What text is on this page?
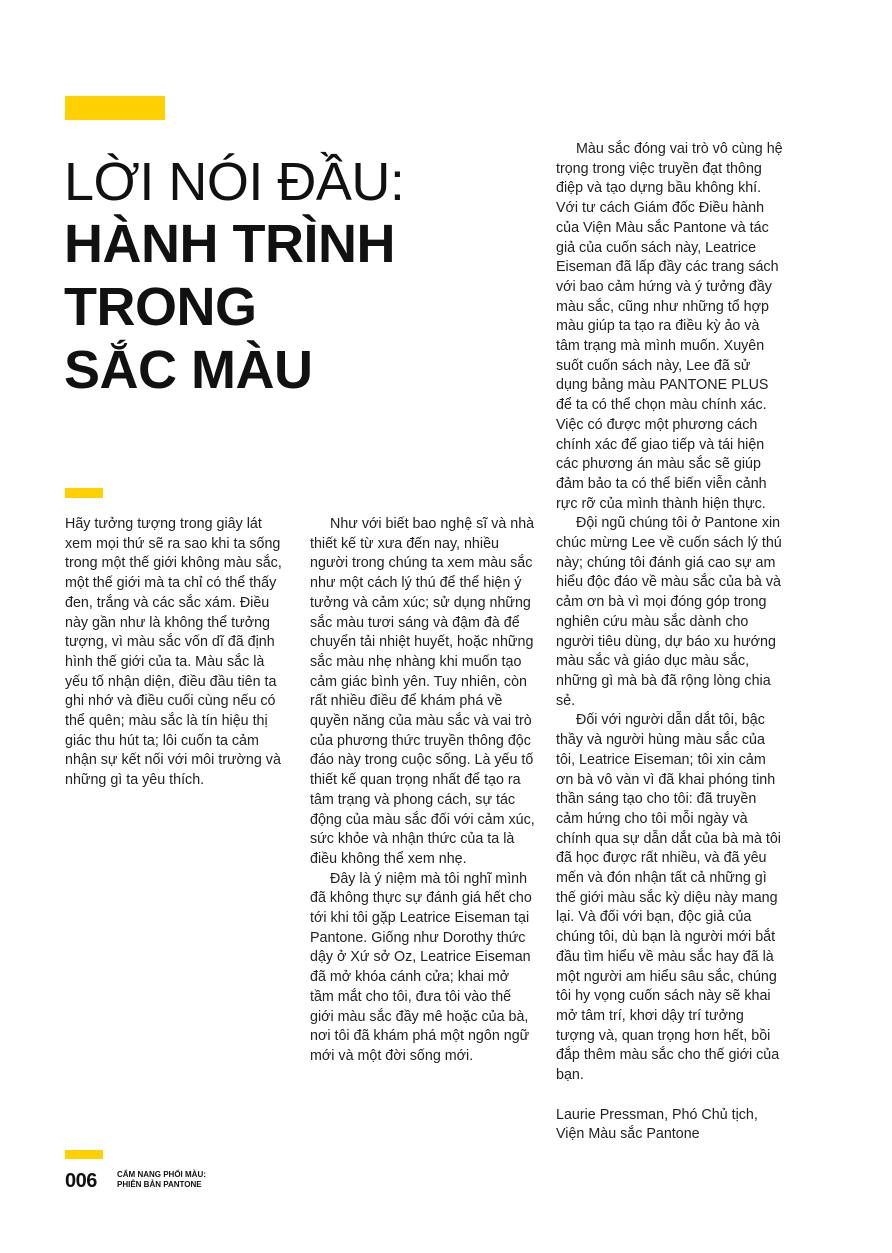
LỜI NÓI ĐẦU:
HÀNH TRÌNH
TRONG
SẮC MÀU

Hãy tưởng tượng trong giây lát xem mọi thứ sẽ ra sao khi ta sống trong một thế giới không màu sắc, một thế giới mà ta chỉ có thể thấy đen, trắng và các sắc xám. Điều này gần như là không thể tưởng tượng, vì màu sắc vốn dĩ đã định hình thế giới của ta. Màu sắc là yếu tố nhận diện, điều đầu tiên ta ghi nhớ và điều cuối cùng nếu có thể quên; màu sắc là tín hiệu thị giác thu hút ta; lôi cuốn ta cảm nhận sự kết nối với môi trường và những gì ta yêu thích.

Như với biết bao nghệ sĩ và nhà thiết kế từ xưa đến nay, nhiều người trong chúng ta xem màu sắc như một cách lý thú để thể hiện ý tưởng và cảm xúc; sử dụng những sắc màu tươi sáng và đậm đà để chuyển tải nhiệt huyết, hoặc những sắc màu nhẹ nhàng khi muốn tạo cảm giác bình yên. Tuy nhiên, còn rất nhiều điều để khám phá về quyền năng của màu sắc và vai trò của phương thức truyền thông độc đáo này trong cuộc sống. Là yếu tố thiết kế quan trọng nhất để tạo ra tâm trạng và phong cách, sự tác động của màu sắc đối với cảm xúc, sức khỏe và nhận thức của ta là điều không thể xem nhẹ.

Đây là ý niệm mà tôi nghĩ mình đã không thực sự đánh giá hết cho tới khi tôi gặp Leatrice Eiseman tại Pantone. Giống như Dorothy thức dậy ở Xứ sở Oz, Leatrice Eiseman đã mở khóa cánh cửa; khai mở tầm mắt cho tôi, đưa tôi vào thế giới màu sắc đầy mê hoặc của bà, nơi tôi đã khám phá một ngôn ngữ mới và một đời sống mới.

Màu sắc đóng vai trò vô cùng hệ trọng trong việc truyền đạt thông điệp và tạo dựng bầu không khí. Với tư cách Giám đốc Điều hành của Viện Màu sắc Pantone và tác giả của cuốn sách này, Leatrice Eiseman đã lấp đầy các trang sách với bao cảm hứng và ý tưởng đầy màu sắc, cũng như những tổ hợp màu giúp ta tạo ra điều kỳ ảo và tâm trạng mà mình muốn. Xuyên suốt cuốn sách này, Lee đã sử dụng bảng màu PANTONE PLUS để ta có thể chọn màu chính xác. Việc có được một phương cách chính xác để giao tiếp và tái hiện các phương án màu sắc sẽ giúp đảm bảo ta có thể biến viễn cảnh rực rỡ của mình thành hiện thực.

Đội ngũ chúng tôi ở Pantone xin chúc mừng Lee về cuốn sách lý thú này; chúng tôi đánh giá cao sự am hiểu độc đáo về màu sắc của bà và cảm ơn bà vì mọi đóng góp trong nghiên cứu màu sắc dành cho người tiêu dùng, dự báo xu hướng màu sắc và giáo dục màu sắc, những gì mà bà đã rộng lòng chia sẻ.

Đối với người dẫn dắt tôi, bậc thầy và người hùng màu sắc của tôi, Leatrice Eiseman; tôi xin cảm ơn bà vô vàn vì đã khai phóng tinh thần sáng tạo cho tôi: đã truyền cảm hứng cho tôi mỗi ngày và chính qua sự dẫn dắt của bà mà tôi đã học được rất nhiều, và đã yêu mến và đón nhận tất cả những gì thế giới màu sắc kỳ diệu này mang lại. Và đối với bạn, độc giả của chúng tôi, dù bạn là người mới bắt đầu tìm hiểu về màu sắc hay đã là một người am hiểu sâu sắc, chúng tôi hy vọng cuốn sách này sẽ khai mở tâm trí, khơi dậy trí tưởng tượng và, quan trọng hơn hết, bồi đắp thêm màu sắc cho thế giới của bạn.

Laurie Pressman, Phó Chủ tịch,

Viện Màu sắc Pantone

006	CẨM NANG PHỐI MÀU:
PHIÊN BẢN PANTONE
